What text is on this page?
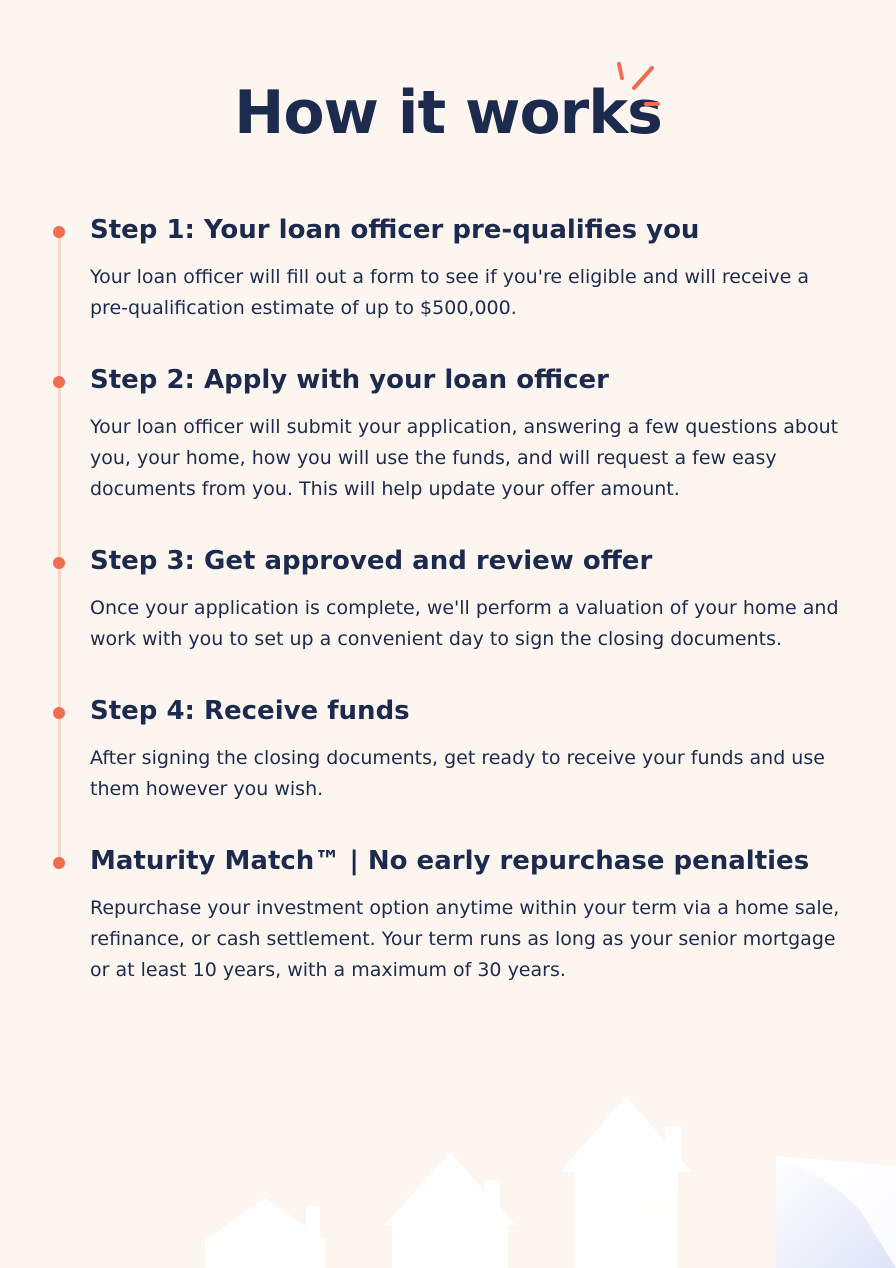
How it works
Step 1: Your loan officer pre-qualifies you

Your loan officer will fill out a form to see if you're eligible and will receive a pre-qualification estimate of up to $500,000.

Step 2: Apply with your loan officer

Your loan officer will submit your application, answering a few questions about you, your home, how you will use the funds, and will request a few easy documents from you. This will help update your offer amount.

Step 3: Get approved and review offer

Once your application is complete, we'll perform a valuation of your home and work with you to set up a convenient day to sign the closing documents.

Step 4: Receive funds

After signing the closing documents, get ready to receive your funds and use them however you wish.

Maturity Match™ | No early repurchase penalties

Repurchase your investment option anytime within your term via a home sale, refinance, or cash settlement. Your term runs as long as your senior mortgage or at least 10 years, with a maximum of 30 years.
